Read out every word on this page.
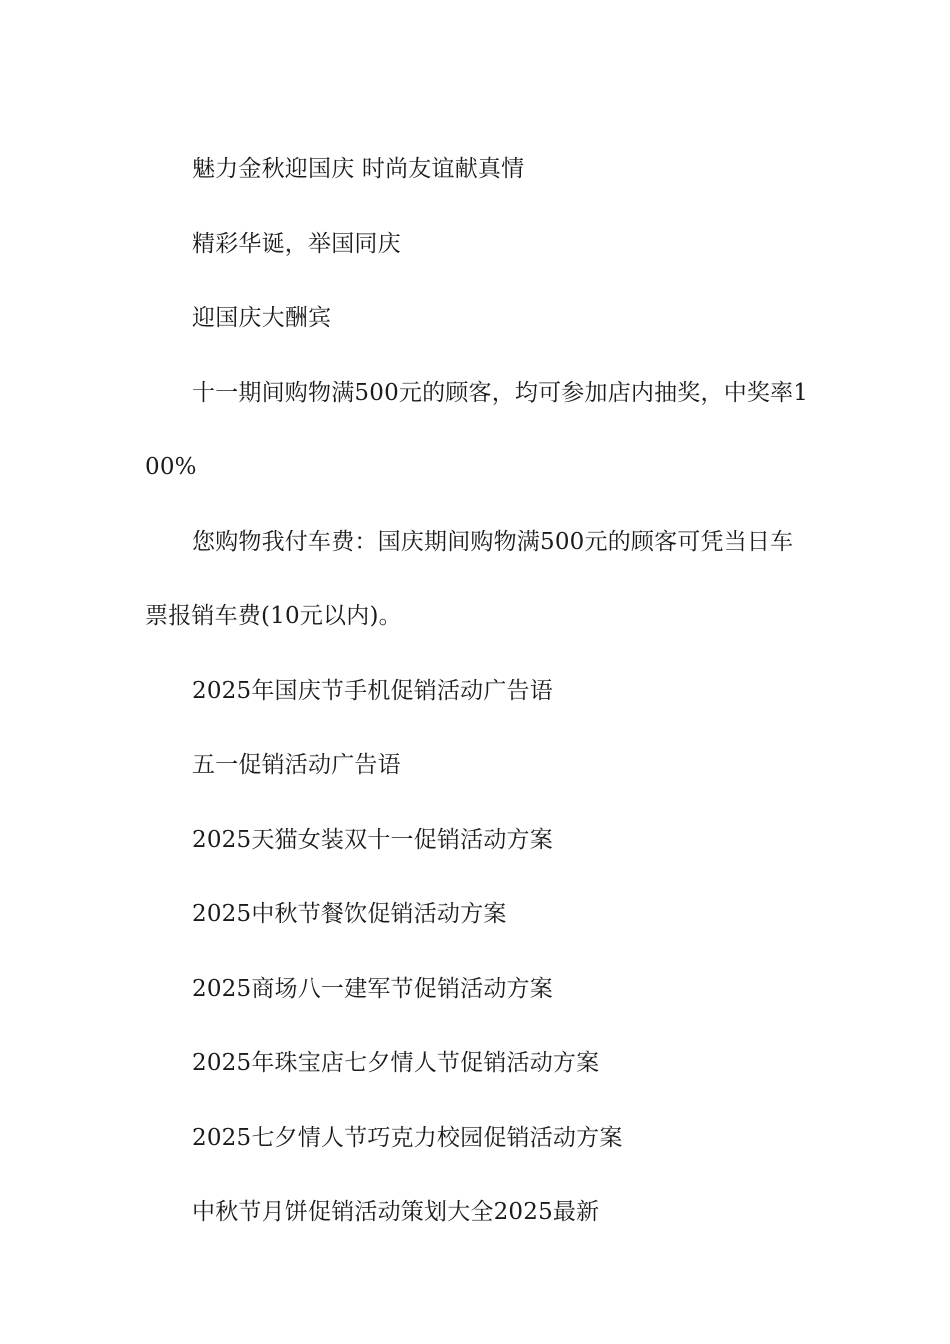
魅力金秋迎国庆 时尚友谊献真情

精彩华诞，举国同庆

迎国庆大酬宾

十一期间购物满500元的顾客，均可参加店内抽奖，中奖率100%

您购物我付车费：国庆期间购物满500元的顾客可凭当日车票报销车费(10元以内)。

2025年国庆节手机促销活动广告语

五一促销活动广告语

2025天猫女装双十一促销活动方案

2025中秋节餐饮促销活动方案

2025商场八一建军节促销活动方案

2025年珠宝店七夕情人节促销活动方案

2025七夕情人节巧克力校园促销活动方案

中秋节月饼促销活动策划大全2025最新
